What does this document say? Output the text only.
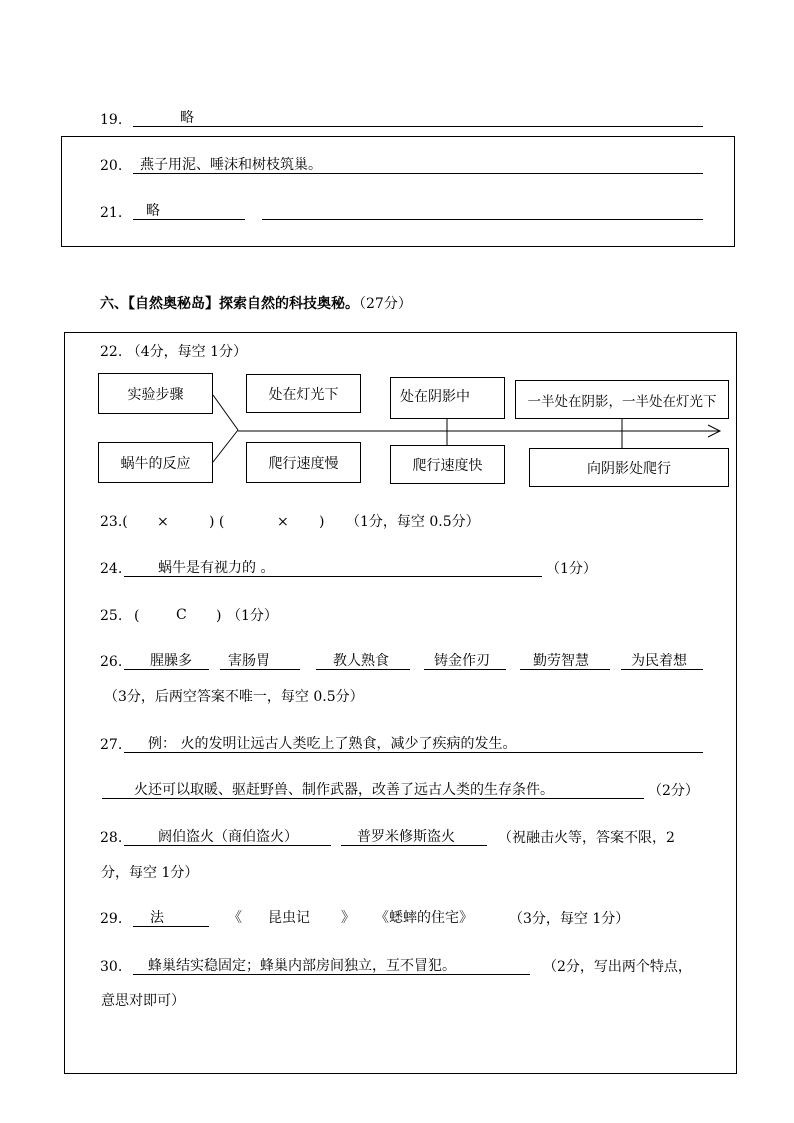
19.	略
20. 燕子用泥、唾沫和树枝筑巢。
21. 略
六、【自然奥秘岛】探索自然的科技奥秘。（27分）
22. （4分，每空 1分）
实验步骤
蜗牛的反应
处在灯光下	处在阴影中	一半处在阴影，一半处在灯光下
爬行速度慢	爬行速度快	向阴影处爬行
23.( ×	) (	× ) （1分，每空 0.5分）
24.	蜗牛是有视力的 。	（1分）
25. (	C ) （1分）
26. 腥臊多	害肠胃	教人熟食	铸金作刃	勤劳智慧	为民着想
（3分，后两空答案不唯一，每空 0.5分）
27. 例： 火的发明让远古人类吃上了熟食，减少了疾病的发生。
火还可以取暖、驱赶野兽、制作武器，改善了远古人类的生存条件。	（2分）
28.	阏伯盗火（商伯盗火）	普罗米修斯盗火	（祝融击火等，答案不限，2
分，每空 1分）
29. 法	《 昆虫记 》 《蟋蟀的住宅》	（3分，每空 1分）
30. 蜂巢结实稳固定；蜂巢内部房间独立，互不冒犯。	（2分，写出两个特点，
意思对即可）
